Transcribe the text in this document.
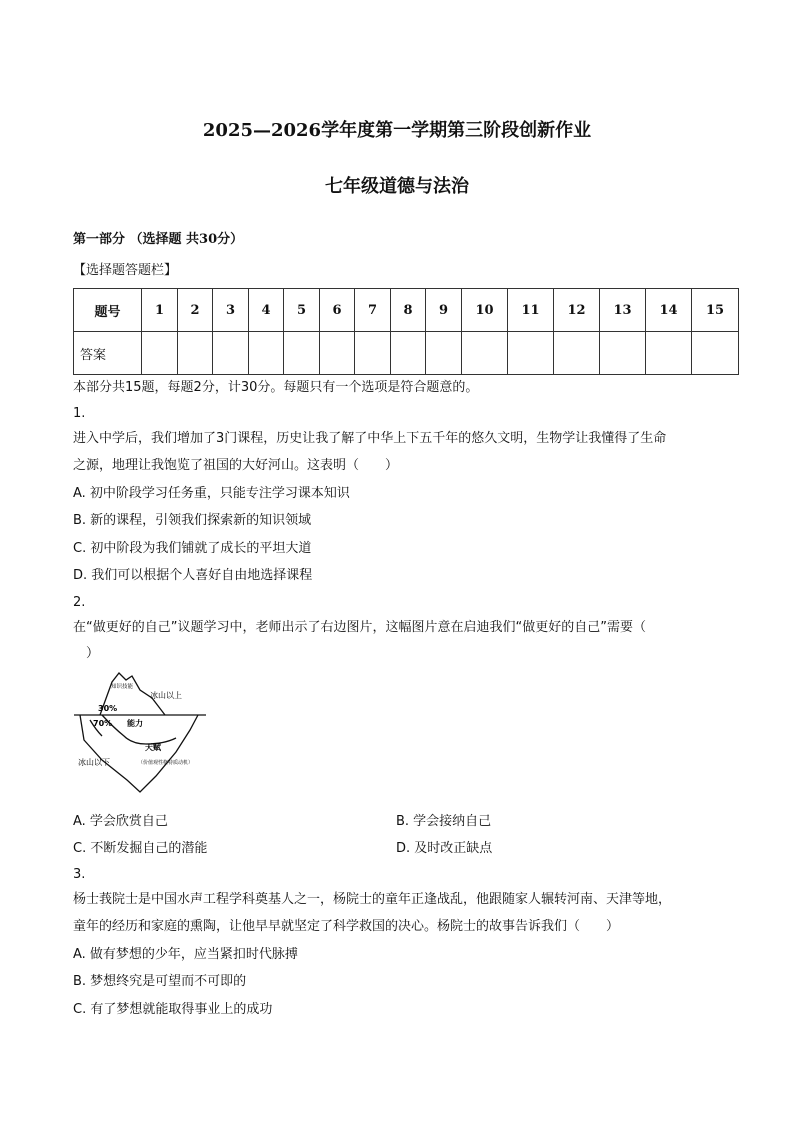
2025—2026学年度第一学期第三阶段创新作业
七年级道德与法治
第一部分 （选择题 共30分）
【选择题答题栏】
题号	1	2	3	4	5	6	7	8	9	10	11	12	13	14	15
答案															
本部分共15题，每题2分，计30分。每题只有一个选项是符合题意的。
1.
进入中学后，我们增加了3门课程，历史让我了解了中华上下五千年的悠久文明，生物学让我懂得了生命
之源，地理让我饱览了祖国的大好河山。这表明（　　）
A. 初中阶段学习任务重，只能专注学习课本知识
B. 新的课程，引领我们探索新的知识领域
C. 初中阶段为我们铺就了成长的平坦大道
D. 我们可以根据个人喜好自由地选择课程
2.
在“做更好的自己”议题学习中，老师出示了右边图片，这幅图片意在启迪我们“做更好的自己”需要（
　）
知识技能
冰山以上
30%
70% 能力
天赋
（价值观性格特质动机）
冰山以下
A. 学会欣赏自己	B. 学会接纳自己
C. 不断发掘自己的潜能	D. 及时改正缺点
3.
杨士莪院士是中国水声工程学科奠基人之一，杨院士的童年正逢战乱，他跟随家人辗转河南、天津等地，
童年的经历和家庭的熏陶，让他早早就坚定了科学救国的决心。杨院士的故事告诉我们（　　）
A. 做有梦想的少年，应当紧扣时代脉搏
B. 梦想终究是可望而不可即的
C. 有了梦想就能取得事业上的成功
